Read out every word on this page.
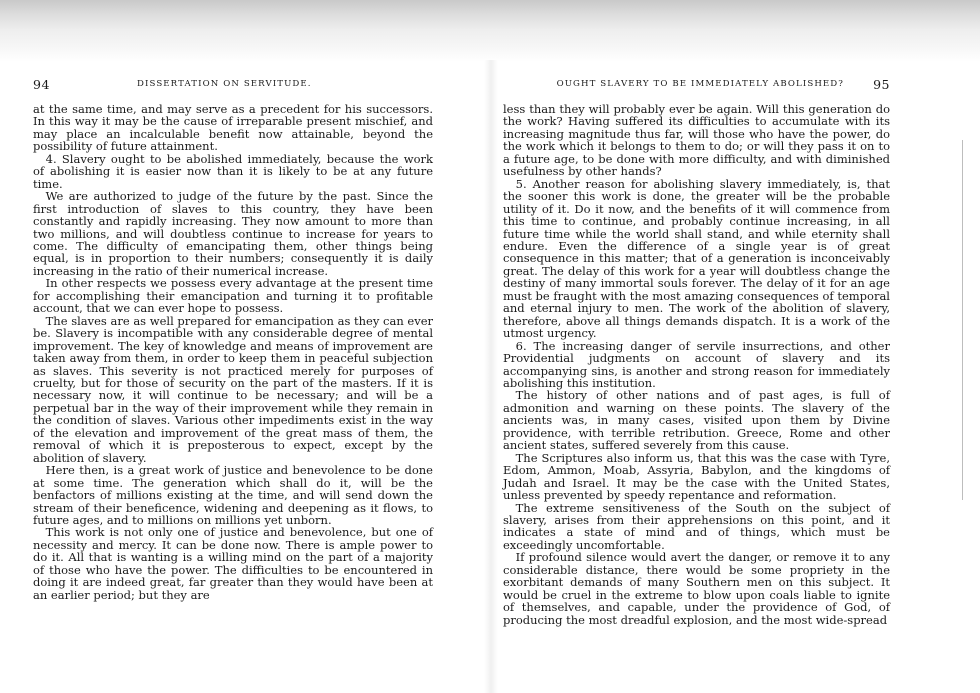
94	DISSERTATION ON SERVITUDE.

at the same time, and may serve as a precedent for his successors. In this way it may be the cause of irreparable present mischief, and may place an incalculable benefit now attainable, beyond the possibility of future attainment.

4. Slavery ought to be abolished immediately, because the work of abolishing it is easier now than it is likely to be at any future time.

We are authorized to judge of the future by the past. Since the first introduction of slaves to this country, they have been constantly and rapidly increasing. They now amount to more than two millions, and will doubtless continue to increase for years to come. The difficulty of emancipating them, other things being equal, is in proportion to their numbers; consequently it is daily increasing in the ratio of their numerical increase.

In other respects we possess every advantage at the present time for accomplishing their emancipation and turning it to profitable account, that we can ever hope to possess.

The slaves are as well prepared for emancipation as they can ever be. Slavery is incompatible with any considerable degree of mental improvement. The key of knowledge and means of improvement are taken away from them, in order to keep them in peaceful subjection as slaves. This severity is not practiced merely for purposes of cruelty, but for those of security on the part of the masters. If it is necessary now, it will continue to be necessary; and will be a perpetual bar in the way of their improvement while they remain in the condition of slaves. Various other impediments exist in the way of the elevation and improvement of the great mass of them, the removal of which it is preposterous to expect, except by the abolition of slavery.

Here then, is a great work of justice and benevolence to be done at some time. The generation which shall do it, will be the benfactors of millions existing at the time, and will send down the stream of their beneficence, widening and deepening as it flows, to future ages, and to millions on millions yet unborn.

This work is not only one of justice and benevolence, but one of necessity and mercy. It can be done now. There is ample power to do it. All that is wanting is a willing mind on the part of a majority of those who have the power. The difficulties to be encountered in doing it are indeed great, far greater than they would have been at an earlier period; but they are

OUGHT SLAVERY TO BE IMMEDIATELY ABOLISHED? 95

less than they will probably ever be again. Will this generation do the work? Having suffered its difficulties to accumulate with its increasing magnitude thus far, will those who have the power, do the work which it belongs to them to do; or will they pass it on to a future age, to be done with more difficulty, and with diminished usefulness by other hands?

5. Another reason for abolishing slavery immediately, is, that the sooner this work is done, the greater will be the probable utility of it. Do it now, and the benefits of it will commence from this time to continue, and probably continue increasing, in all future time while the world shall stand, and while eternity shall endure. Even the difference of a single year is of great consequence in this matter; that of a generation is inconceivably great. The delay of this work for a year will doubtless change the destiny of many immortal souls forever. The delay of it for an age must be fraught with the most amazing consequences of temporal and eternal injury to men. The work of the abolition of slavery, therefore, above all things demands dispatch. It is a work of the utmost urgency.

6. The increasing danger of servile insurrections, and other Providential judgments on account of slavery and its accompanying sins, is another and strong reason for immediately abolishing this institution.

The history of other nations and of past ages, is full of admonition and warning on these points. The slavery of the ancients was, in many cases, visited upon them by Divine providence, with terrible retribution. Greece, Rome and other ancient states, suffered severely from this cause.

The Scriptures also inform us, that this was the case with Tyre, Edom, Ammon, Moab, Assyria, Babylon, and the kingdoms of Judah and Israel. It may be the case with the United States, unless prevented by speedy repentance and reformation.

The extreme sensitiveness of the South on the subject of slavery, arises from their apprehensions on this point, and it indicates a state of mind and of things, which must be exceedingly uncomfortable.

If profound silence would avert the danger, or remove it to any considerable distance, there would be some propriety in the exorbitant demands of many Southern men on this subject. It would be cruel in the extreme to blow upon coals liable to ignite of themselves, and capable, under the providence of God, of producing the most dreadful explosion, and the most wide-spread
